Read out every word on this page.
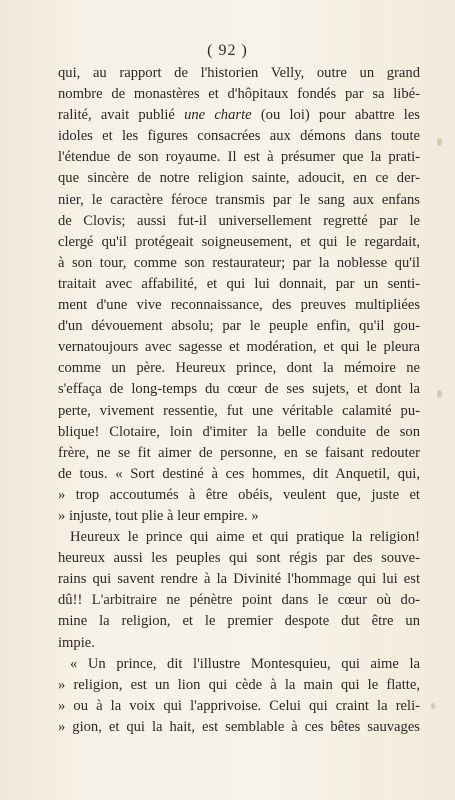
( 92 )
qui, au rapport de l'historien Velly, outre un grand
nombre de monastères et d'hôpitaux fondés par sa libé-
ralité, avait publié une charte (ou loi) pour abattre les
idoles et les figures consacrées aux démons dans toute
l'étendue de son royaume. Il est à présumer que la prati-
que sincère de notre religion sainte, adoucit, en ce der-
nier, le caractère féroce transmis par le sang aux enfans
de Clovis; aussi fut-il universellement regretté par le
clergé qu'il protégeait soigneusement, et qui le regardait,
à son tour, comme son restaurateur; par la noblesse qu'il
traitait avec affabilité, et qui lui donnait, par un senti-
ment d'une vive reconnaissance, des preuves multipliées
d'un dévouement absolu; par le peuple enfin, qu'il gou-
vernatoujours avec sagesse et modération, et qui le pleura
comme un père. Heureux prince, dont la mémoire ne
s'effaça de long-temps du cœur de ses sujets, et dont la
perte, vivement ressentie, fut une véritable calamité pu-
blique! Clotaire, loin d'imiter la belle conduite de son
frère, ne se fit aimer de personne, en se faisant redouter
de tous. « Sort destiné à ces hommes, dit Anquetil, qui,
» trop accoutumés à être obéis, veulent que, juste et
» injuste, tout plie à leur empire. »
Heureux le prince qui aime et qui pratique la religion!
heureux aussi les peuples qui sont régis par des souve-
rains qui savent rendre à la Divinité l'hommage qui lui est
dû!! L'arbitraire ne pénètre point dans le cœur où do-
mine la religion, et le premier despote dut être un
impie.
« Un prince, dit l'illustre Montesquieu, qui aime la
» religion, est un lion qui cède à la main qui le flatte,
» ou à la voix qui l'apprivoise. Celui qui craint la reli-
» gion, et qui la hait, est semblable à ces bêtes sauvages
